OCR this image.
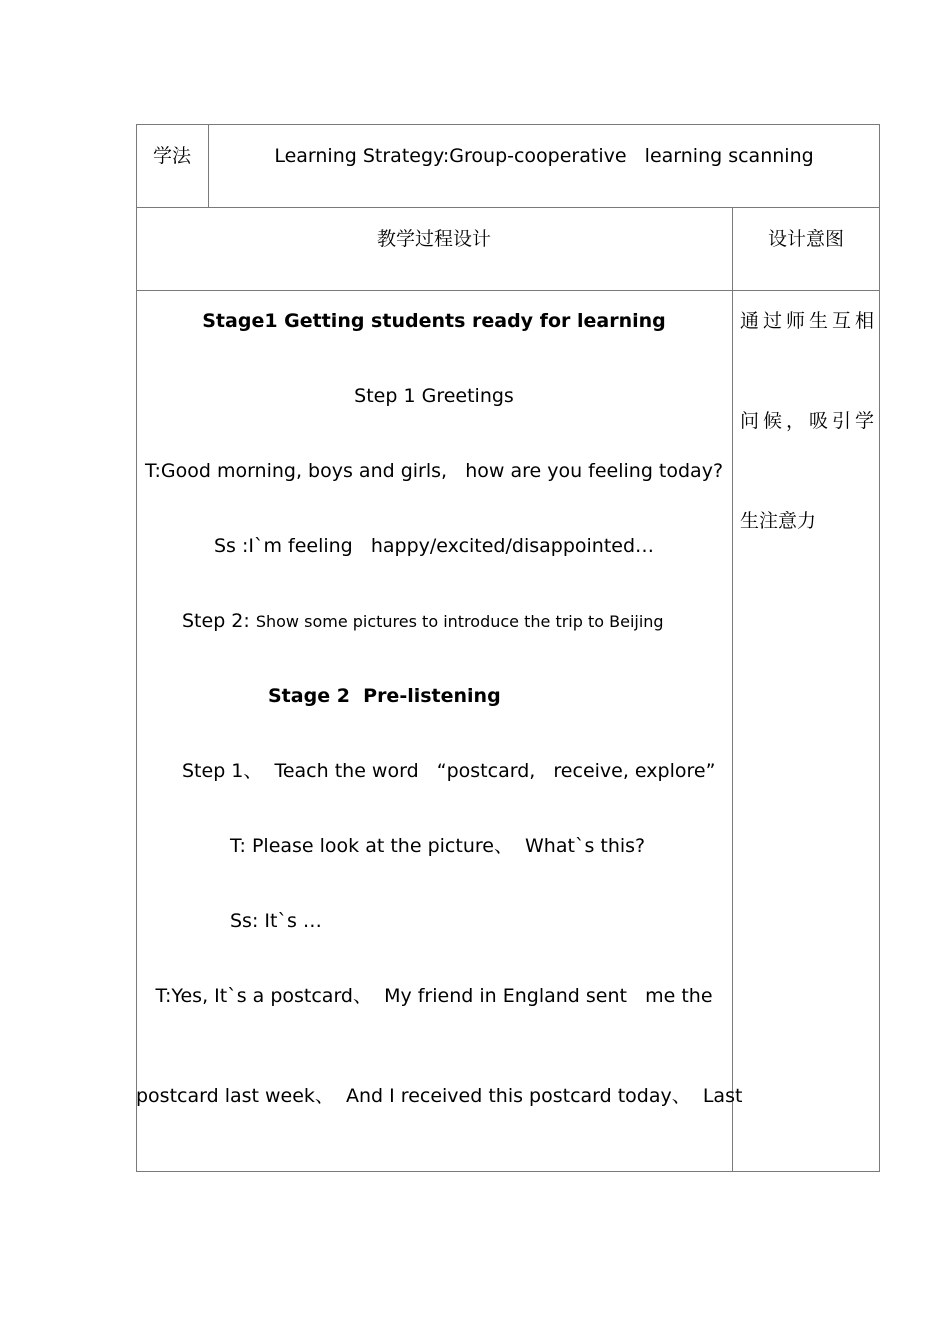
学法	Learning Strategy:Group-cooperative   learning scanning
教学过程设计	设计意图
Stage1 Getting students ready for learning
Step 1 Greetings
T:Good morning, boys and girls,   how are you feeling today?
Ss :I`m feeling   happy/excited/disappointed…
Step 2: Show some pictures to introduce the trip to Beijing
Stage 2  Pre-listening
Step 1、  Teach the word   “postcard,   receive, explore”
T: Please look at the picture、  What`s this?
Ss: It`s …
T:Yes, It`s a postcard、  My friend in England sent   me the
postcard last week、  And I received this postcard today、  Last
通过师生互相
问候，吸引学
生注意力
